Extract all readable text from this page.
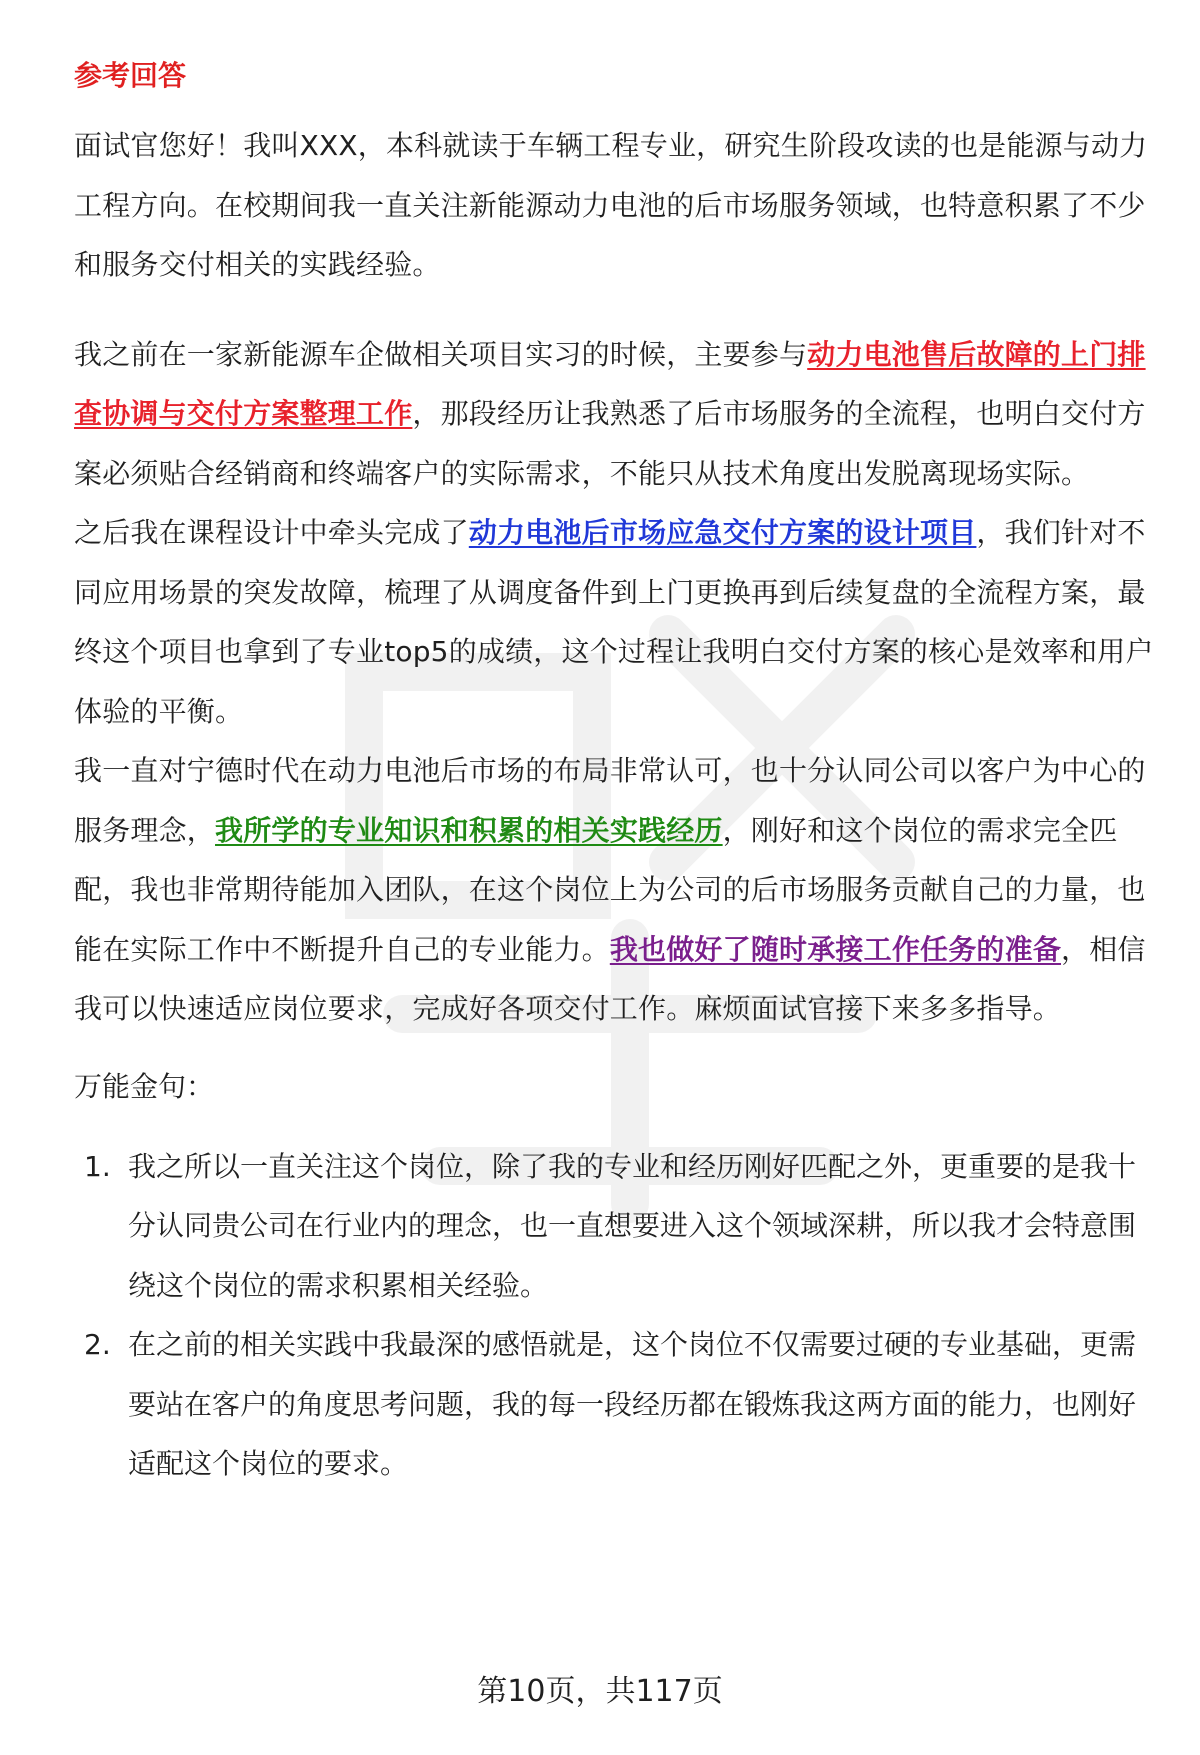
参考回答

面试官您好！我叫XXX，本科就读于车辆工程专业，研究生阶段攻读的也是能源与动力工程方向。在校期间我一直关注新能源动力电池的后市场服务领域，也特意积累了不少和服务交付相关的实践经验。

我之前在一家新能源车企做相关项目实习的时候，主要参与动力电池售后故障的上门排查协调与交付方案整理工作，那段经历让我熟悉了后市场服务的全流程，也明白交付方案必须贴合经销商和终端客户的实际需求，不能只从技术角度出发脱离现场实际。

之后我在课程设计中牵头完成了动力电池后市场应急交付方案的设计项目，我们针对不同应用场景的突发故障，梳理了从调度备件到上门更换再到后续复盘的全流程方案，最终这个项目也拿到了专业top5的成绩，这个过程让我明白交付方案的核心是效率和用户体验的平衡。

我一直对宁德时代在动力电池后市场的布局非常认可，也十分认同公司以客户为中心的服务理念，我所学的专业知识和积累的相关实践经历，刚好和这个岗位的需求完全匹配，我也非常期待能加入团队，在这个岗位上为公司的后市场服务贡献自己的力量，也能在实际工作中不断提升自己的专业能力。我也做好了随时承接工作任务的准备，相信我可以快速适应岗位要求，完成好各项交付工作。麻烦面试官接下来多多指导。

万能金句：

1. 我之所以一直关注这个岗位，除了我的专业和经历刚好匹配之外，更重要的是我十分认同贵公司在行业内的理念，也一直想要进入这个领域深耕，所以我才会特意围绕这个岗位的需求积累相关经验。
2. 在之前的相关实践中我最深的感悟就是，这个岗位不仅需要过硬的专业基础，更需要站在客户的角度思考问题，我的每一段经历都在锻炼我这两方面的能力，也刚好适配这个岗位的要求。
第10页，共117页
